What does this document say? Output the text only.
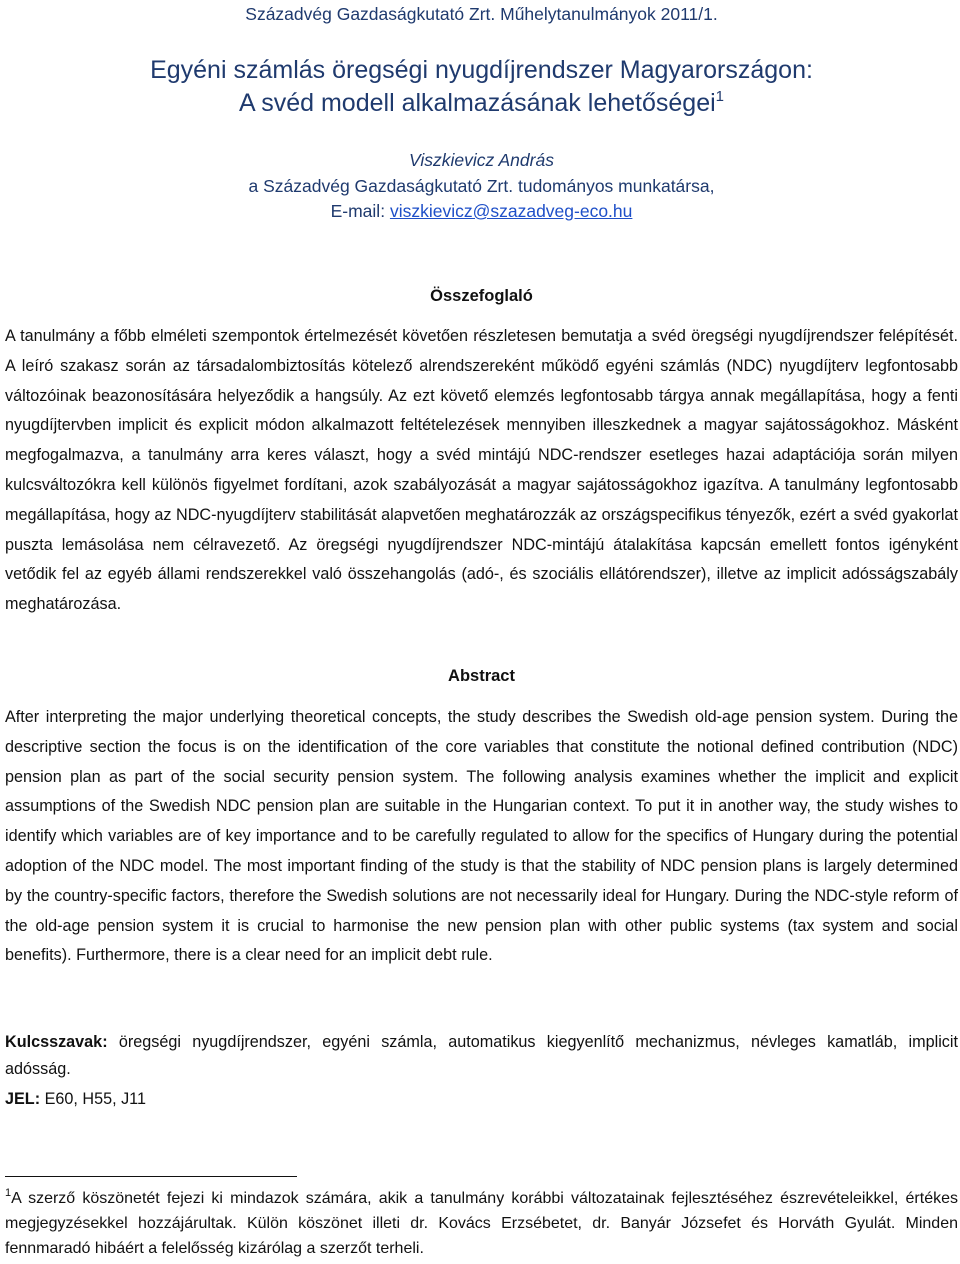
Századvég Gazdaságkutató Zrt. Műhelytanulmányok 2011/1.
Egyéni számlás öregségi nyugdíjrendszer Magyarországon:
A svéd modell alkalmazásának lehetőségei$^1$
Viszkievicz András
a Századvég Gazdaságkutató Zrt. tudományos munkatársa,
E-mail: viszkievicz@szazadveg-eco.hu
Összefoglaló

A tanulmány a főbb elméleti szempontok értelmezését követően részletesen bemutatja a svéd öregségi nyugdíjrendszer felépítését. A leíró szakasz során az társadalombiztosítás kötelező alrendszereként működő egyéni számlás (NDC) nyugdíjterv legfontosabb változóinak beazonosítására helyeződik a hangsúly. Az ezt követő elemzés legfontosabb tárgya annak megállapítása, hogy a fenti nyugdíjtervben implicit és explicit módon alkalmazott feltételezések mennyiben illeszkednek a magyar sajátosságokhoz. Másként megfogalmazva, a tanulmány arra keres választ, hogy a svéd mintájú NDC-rendszer esetleges hazai adaptációja során milyen kulcsváltozókra kell különös figyelmet fordítani, azok szabályozását a magyar sajátosságokhoz igazítva. A tanulmány legfontosabb megállapítása, hogy az NDC-nyugdíjterv stabilitását alapvetően meghatározzák az országspecifikus tényezők, ezért a svéd gyakorlat puszta lemásolása nem célravezető. Az öregségi nyugdíjrendszer NDC-mintájú átalakítása kapcsán emellett fontos igényként vetődik fel az egyéb állami rendszerekkel való összehangolás (adó-, és szociális ellátórendszer), illetve az implicit adósságszabály meghatározása.

Abstract

After interpreting the major underlying theoretical concepts, the study describes the Swedish old-age pension system. During the descriptive section the focus is on the identification of the core variables that constitute the notional defined contribution (NDC) pension plan as part of the social security pension system. The following analysis examines whether the implicit and explicit assumptions of the Swedish NDC pension plan are suitable in the Hungarian context. To put it in another way, the study wishes to identify which variables are of key importance and to be carefully regulated to allow for the specifics of Hungary during the potential adoption of the NDC model. The most important finding of the study is that the stability of NDC pension plans is largely determined by the country-specific factors, therefore the Swedish solutions are not necessarily ideal for Hungary. During the NDC-style reform of the old-age pension system it is crucial to harmonise the new pension plan with other public systems (tax system and social benefits). Furthermore, there is a clear need for an implicit debt rule.

Kulcsszavak: öregségi nyugdíjrendszer, egyéni számla, automatikus kiegyenlítő mechanizmus, névleges kamatláb, implicit adósság.

JEL: E60, H55, J11

$^1$A szerző köszönetét fejezi ki mindazok számára, akik a tanulmány korábbi változatainak fejlesztéséhez észrevételeikkel, értékes megjegyzésekkel hozzájárultak. Külön köszönet illeti dr. Kovács Erzsébetet, dr. Banyár Józsefet és Horváth Gyulát. Minden fennmaradó hibáért a felelősség kizárólag a szerzőt terheli.
